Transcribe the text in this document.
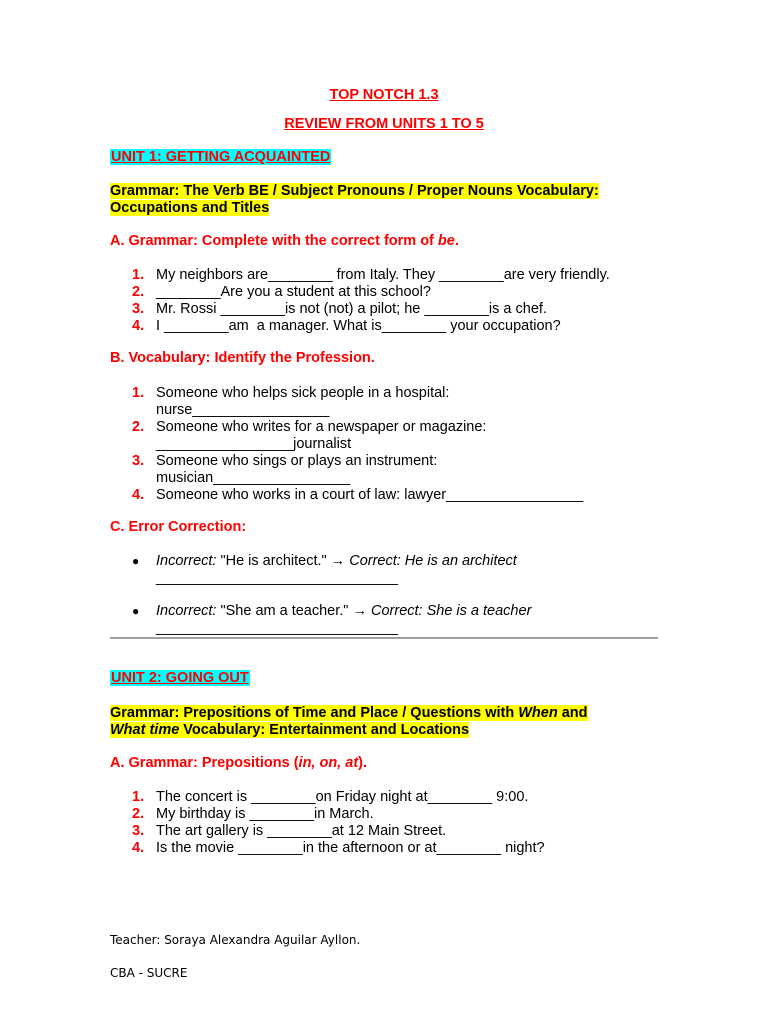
TOP NOTCH 1.3
REVIEW FROM UNITS 1 TO 5
UNIT 1: GETTING ACQUAINTED
Grammar: The Verb BE / Subject Pronouns / Proper Nouns Vocabulary:
Occupations and Titles
A. Grammar: Complete with the correct form of be.
1. My neighbors are________ from Italy. They ________are very friendly.
2. ________Are you a student at this school?
3. Mr. Rossi ________is not (not) a pilot; he ________is a chef.
4. I ________am  a manager. What is________ your occupation?
B. Vocabulary: Identify the Profession.
1. Someone who helps sick people in a hospital:
nurse_________________
2. Someone who writes for a newspaper or magazine:
_________________journalist
3. Someone who sings or plays an instrument:
musician_________________
4. Someone who works in a court of law: lawyer_________________
C. Error Correction:
● Incorrect: "He is architect." → Correct: He is an architect
______________________________
● Incorrect: "She am a teacher." → Correct: She is a teacher
______________________________
UNIT 2: GOING OUT
Grammar: Prepositions of Time and Place / Questions with When and
What time Vocabulary: Entertainment and Locations
A. Grammar: Prepositions (in, on, at).
1. The concert is ________on Friday night at________ 9:00.
2. My birthday is ________in March.
3. The art gallery is ________at 12 Main Street.
4. Is the movie ________in the afternoon or at________ night?
Teacher: Soraya Alexandra Aguilar Ayllon.
CBA - SUCRE
